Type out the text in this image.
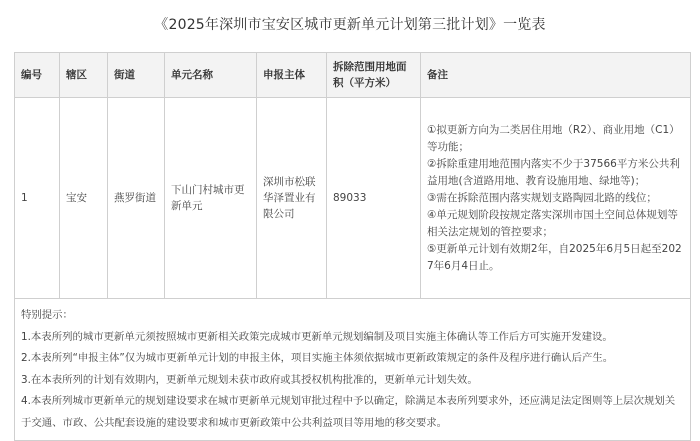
《2025年深圳市宝安区城市更新单元计划第三批计划》一览表
编号	辖区	街道	单元名称	申报主体	拆除范围用地面积（平方米）	备注
1	宝安	燕罗街道	下山门村城市更新单元	深圳市松联华泽置业有限公司	89033	①拟更新方向为二类居住用地（R2）、商业用地（C1）等功能；

②拆除重建用地范围内落实不少于37566平方米公共利益用地(含道路用地、教育设施用地、绿地等)；

③需在拆除范围内落实规划支路陶园北路的线位；

④单元规划阶段按规定落实深圳市国土空间总体规划等相关法定规划的管控要求；

⑤更新单元计划有效期2年，自2025年6月5日起至2027年6月4日止。

特别提示：

1.本表所列的城市更新单元须按照城市更新相关政策完成城市更新单元规划编制及项目实施主体确认等工作后方可实施开发建设。

2.本表所列“申报主体”仅为城市更新单元计划的申报主体，项目实施主体须依据城市更新政策规定的条件及程序进行确认后产生。

3.在本表所列的计划有效期内，更新单元规划未获市政府或其授权机构批准的，更新单元计划失效。

4.本表所列城市更新单元的规划建设要求在城市更新单元规划审批过程中予以确定，除满足本表所列要求外，还应满足法定图则等上层次规划关于交通、市政、公共配套设施的建设要求和城市更新政策中公共利益项目等用地的移交要求。						
